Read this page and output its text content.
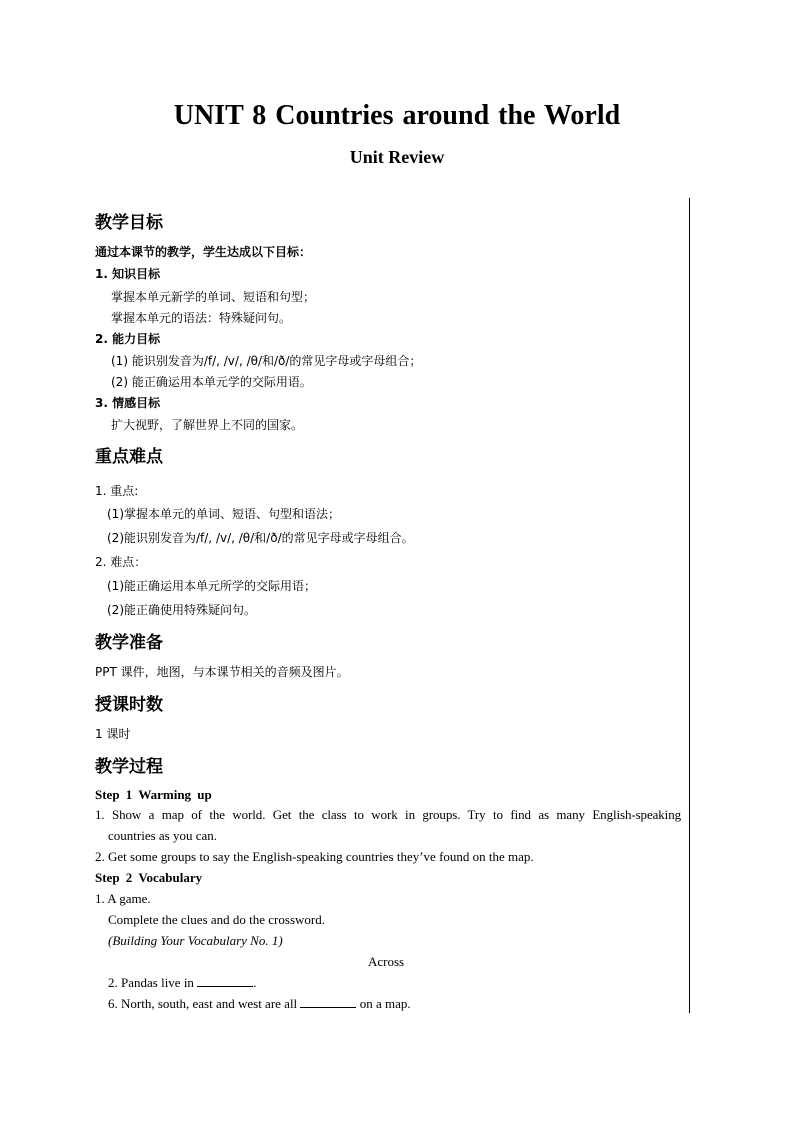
UNIT 8 Countries around the World
Unit Review
教学目标
通过本课节的教学，学生达成以下目标：
1. 知识目标
掌握本单元新学的单词、短语和句型；
掌握本单元的语法：特殊疑问句。
2. 能力目标
(1) 能识别发音为/f/, /v/, /θ/和/ð/的常见字母或字母组合；
(2) 能正确运用本单元学的交际用语。
3. 情感目标
扩大视野，了解世界上不同的国家。
重点难点
1. 重点:
(1)掌握本单元的单词、短语、句型和语法；
(2)能识别发音为/f/, /v/, /θ/和/ð/的常见字母或字母组合。
2. 难点：
(1)能正确运用本单元所学的交际用语；
(2)能正确使用特殊疑问句。
教学准备
PPT 课件，地图，与本课节相关的音频及图片。
授课时数
1 课时
教学过程
Step 1 Warming up
1. Show a map of the world. Get the class to work in groups. Try to find as many English-speaking
countries as you can.
2. Get some groups to say the English-speaking countries they’ve found on the map.
Step 2 Vocabulary
1. A game.
Complete the clues and do the crossword.
(Building Your Vocabulary No. 1)
Across
2. Pandas live in	.
6. North, south, east and west are all	on a map.
